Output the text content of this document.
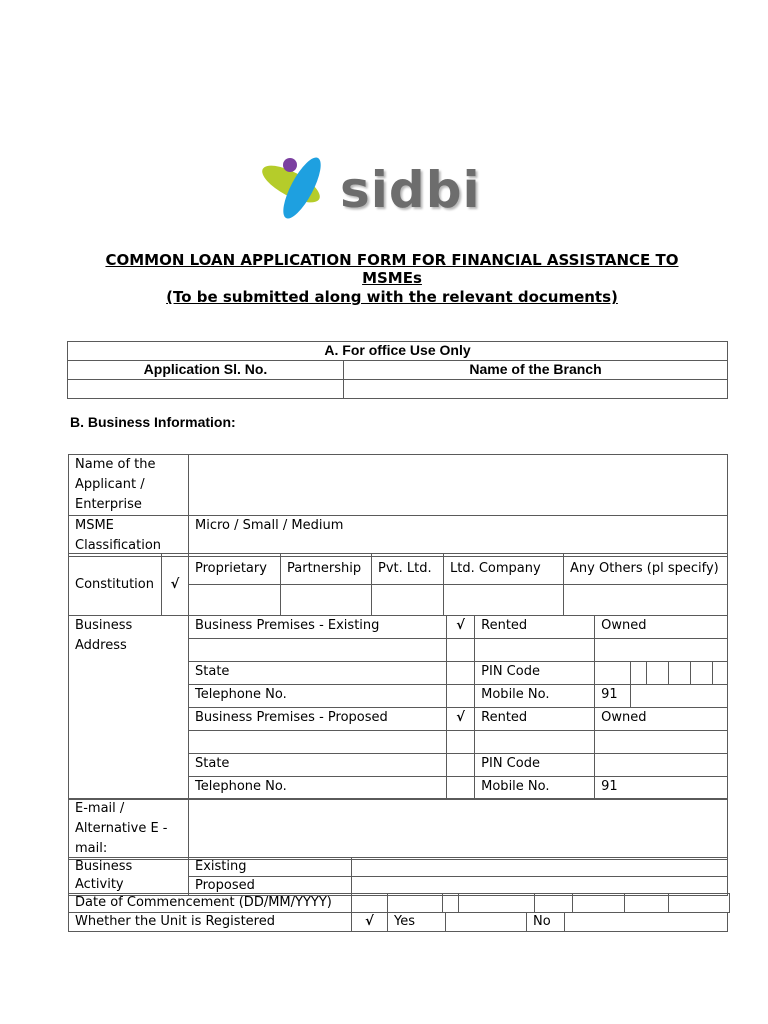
sidbi
COMMON LOAN APPLICATION FORM FOR FINANCIAL ASSISTANCE TO
MSMEs
(To be submitted along with the relevant documents)
A. For office Use Only	
Application Sl. No.	Name of the Branch

B. Business Information:
Name of the Applicant / Enterprise	
MSME Classification	Micro / Small / Medium
Constitution	√	Proprietary	Partnership	Pvt. Ltd.	Ltd. Company	Any Others (pl specify)

Business Address	Business Premises - Existing	√	Rented	Owned					

	State		PIN Code						
	Telephone No.		Mobile No.	91					
	Business Premises - Proposed	√	Rented	Owned					

	State		PIN Code						
	Telephone No.		Mobile No.	91					
E-mail / Alternative E -mail:	
Business Activity	Existing	
	Proposed	
Date of Commencement (DD/MM/YYYY)								
Whether the Unit is Registered	√	Yes		No	
